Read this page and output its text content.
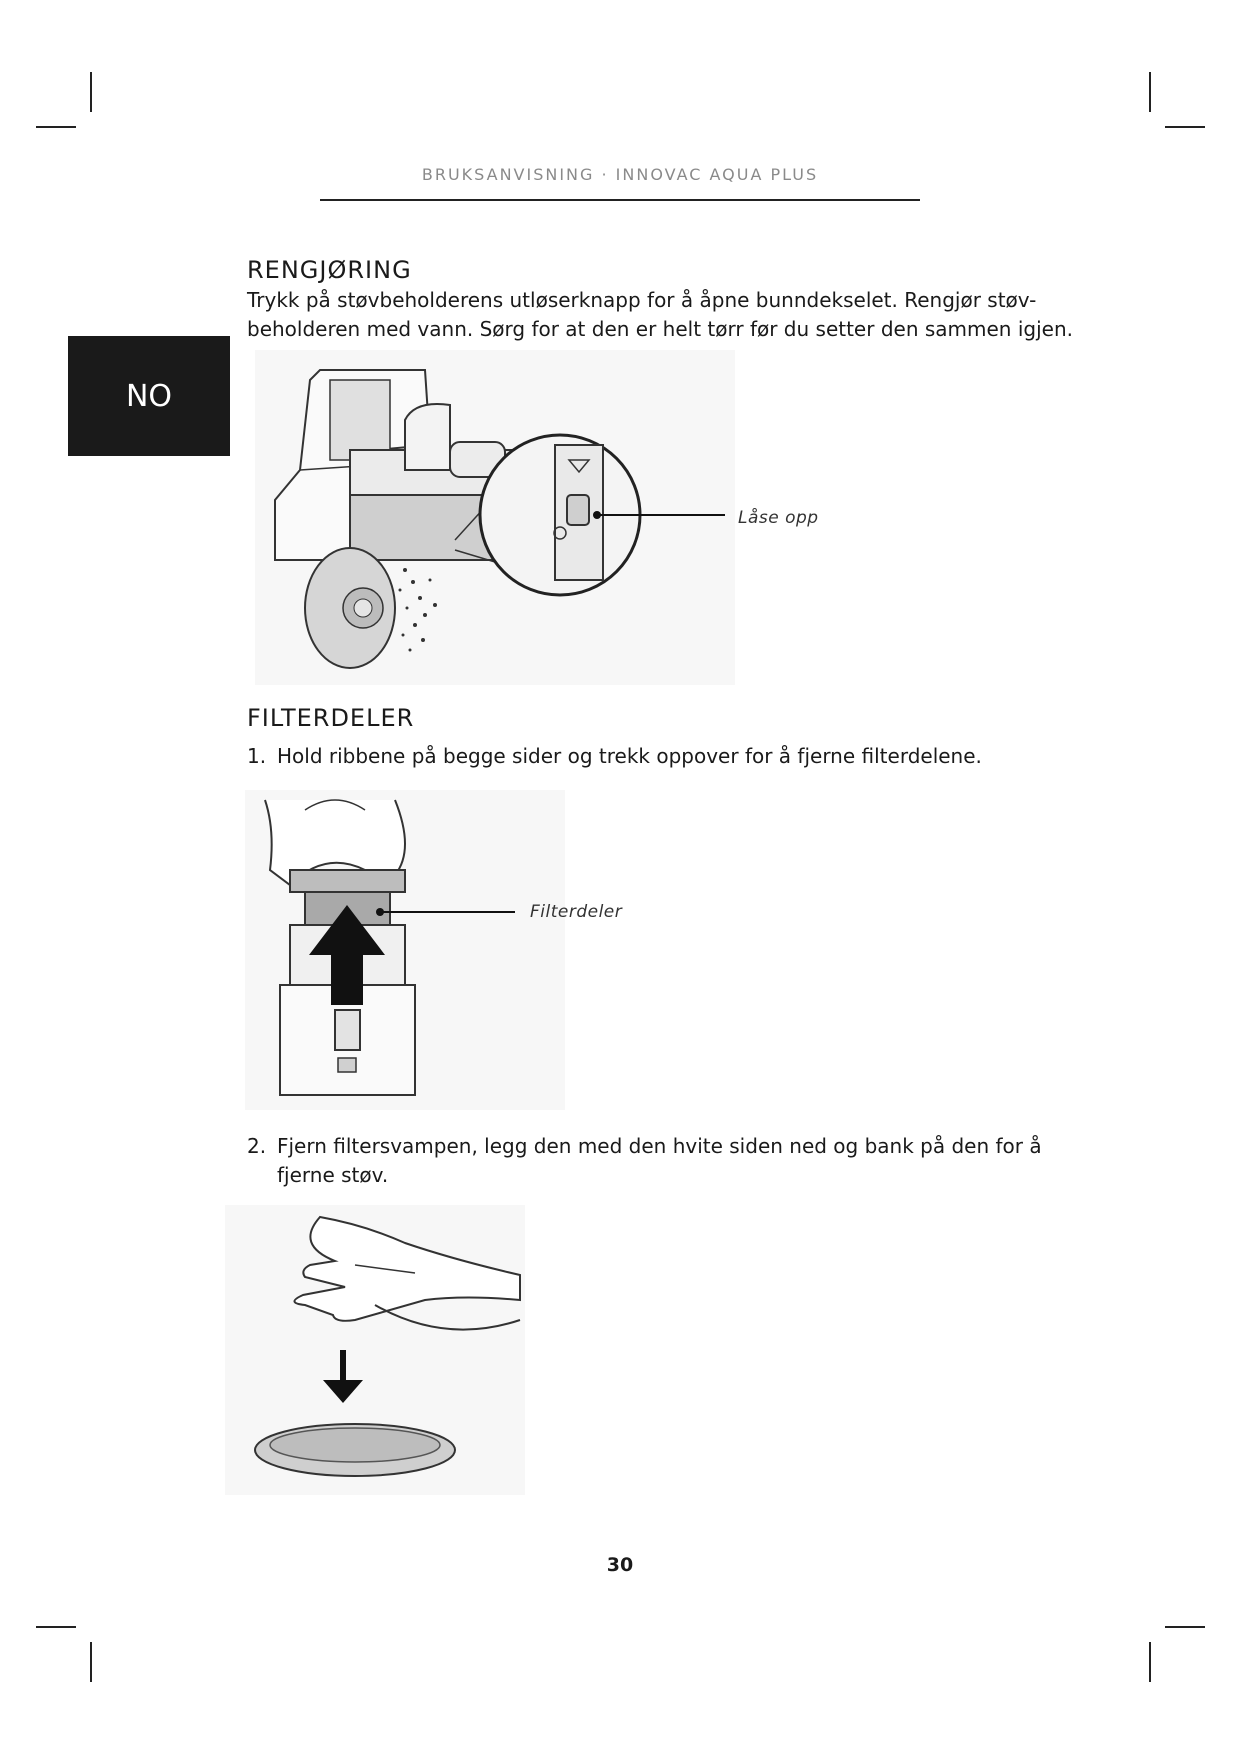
BRUKSANVISNING · INNOVAC AQUA PLUS
NO
RENGJØRING
Trykk på støvbeholderens utløserknapp for å åpne bunndekselet. Rengjør støv-
beholderen med vann. Sørg for at den er helt tørr før du setter den sammen igjen.
Låse opp
FILTERDELER
1. Hold ribbene på begge sider og trekk oppover for å fjerne filterdelene.
Filterdeler
2. Fjern filtersvampen, legg den med den hvite siden ned og bank på den for å
fjerne støv.
30
